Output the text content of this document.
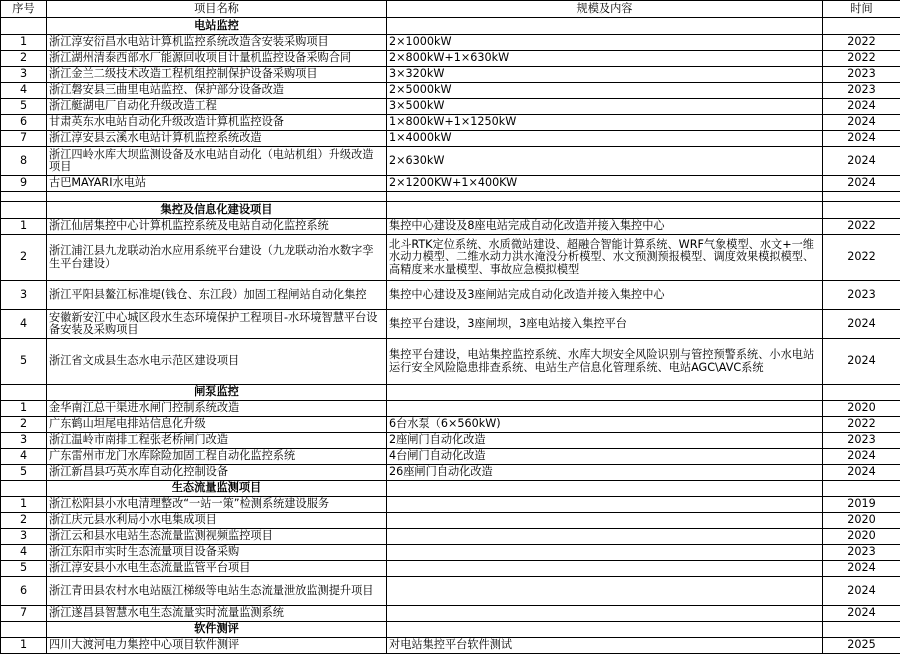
序号	项目名称	规模及内容	时间
	电站监控		
1	浙江淳安衍昌水电站计算机监控系统改造含安装采购项目	2×1000kW	2022
2	浙江湖州清泰西部水厂能源回收项目计量机监控设备采购合同	2×800kW+1×630kW	2022
3	浙江金兰二级技术改造工程机组控制保护设备采购项目	3×320kW	2023
4	浙江磐安县三曲里电站监控、保护部分设备改造	2×5000kW	2023
5	浙江艇湖电厂自动化升级改造工程	3×500kW	2024
6	甘肃英东水电站自动化升级改造计算机监控设备	1×800kW+1×1250kW	2024
7	浙江淳安县云溪水电站计算机监控系统改造	1×4000kW	2024
8	浙江四岭水库大坝监测设备及水电站自动化（电站机组）升级改造项目	2×630kW	2024
9	古巴MAYARI水电站	2×1200KW+1×400KW	2024

	集控及信息化建设项目		
1	浙江仙居集控中心计算机监控系统及电站自动化监控系统	集控中心建设及8座电站完成自动化改造并接入集控中心	2022
2	浙江浦江县九龙联动治水应用系统平台建设（九龙联动治水数字孪生平台建设）	北斗RTK定位系统、水质微站建设、超融合智能计算系统、WRF气象模型、水文+一维水动力模型、二维水动力洪水淹没分析模型、水文预测预报模型、调度效果模拟模型、高精度来水量模型、事故应急模拟模型	2022
3	浙江平阳县鳌江标准堤(钱仓、东江段）加固工程闸站自动化集控	集控中心建设及3座闸站完成自动化改造并接入集控中心	2023
4	安徽新安江中心城区段水生态环境保护工程项目-水环境智慧平台设备安装及采购项目	集控平台建设，3座闸坝，3座电站接入集控平台	2024
5	浙江省文成县生态水电示范区建设项目	集控平台建设，电站集控监控系统、水库大坝安全风险识别与管控预警系统、小水电站运行安全风险隐患排查系统、电站生产信息化管理系统、电站AGC\AVC系统	2024
	闸泵监控		
1	金华南江总干渠进水闸门控制系统改造		2020
2	广东鹤山坦尾电排站信息化升级	6台水泵（6×560kW)	2022
3	浙江温岭市南排工程张老桥闸门改造	2座闸门自动化改造	2023
4	广东雷州市龙门水库除险加固工程自动化监控系统	4台闸门自动化改造	2024
5	浙江新昌县巧英水库自动化控制设备	26座闸门自动化改造	2024
	生态流量监测项目		
1	浙江松阳县小水电清理整改“一站一策”检测系统建设服务		2019
2	浙江庆元县水利局小水电集成项目		2020
3	浙江云和县水电站生态流量监测视频监控项目		2020
4	浙江东阳市实时生态流量项目设备采购		2023
5	浙江淳安县小水电生态流量监管平台项目		2024
6	浙江青田县农村水电站瓯江梯级等电站生态流量泄放监测提升项目		2024
7	浙江遂昌县智慧水电生态流量实时流量监测系统		2024
	软件测评		
1	四川大渡河电力集控中心项目软件测评	对电站集控平台软件测试	2025
